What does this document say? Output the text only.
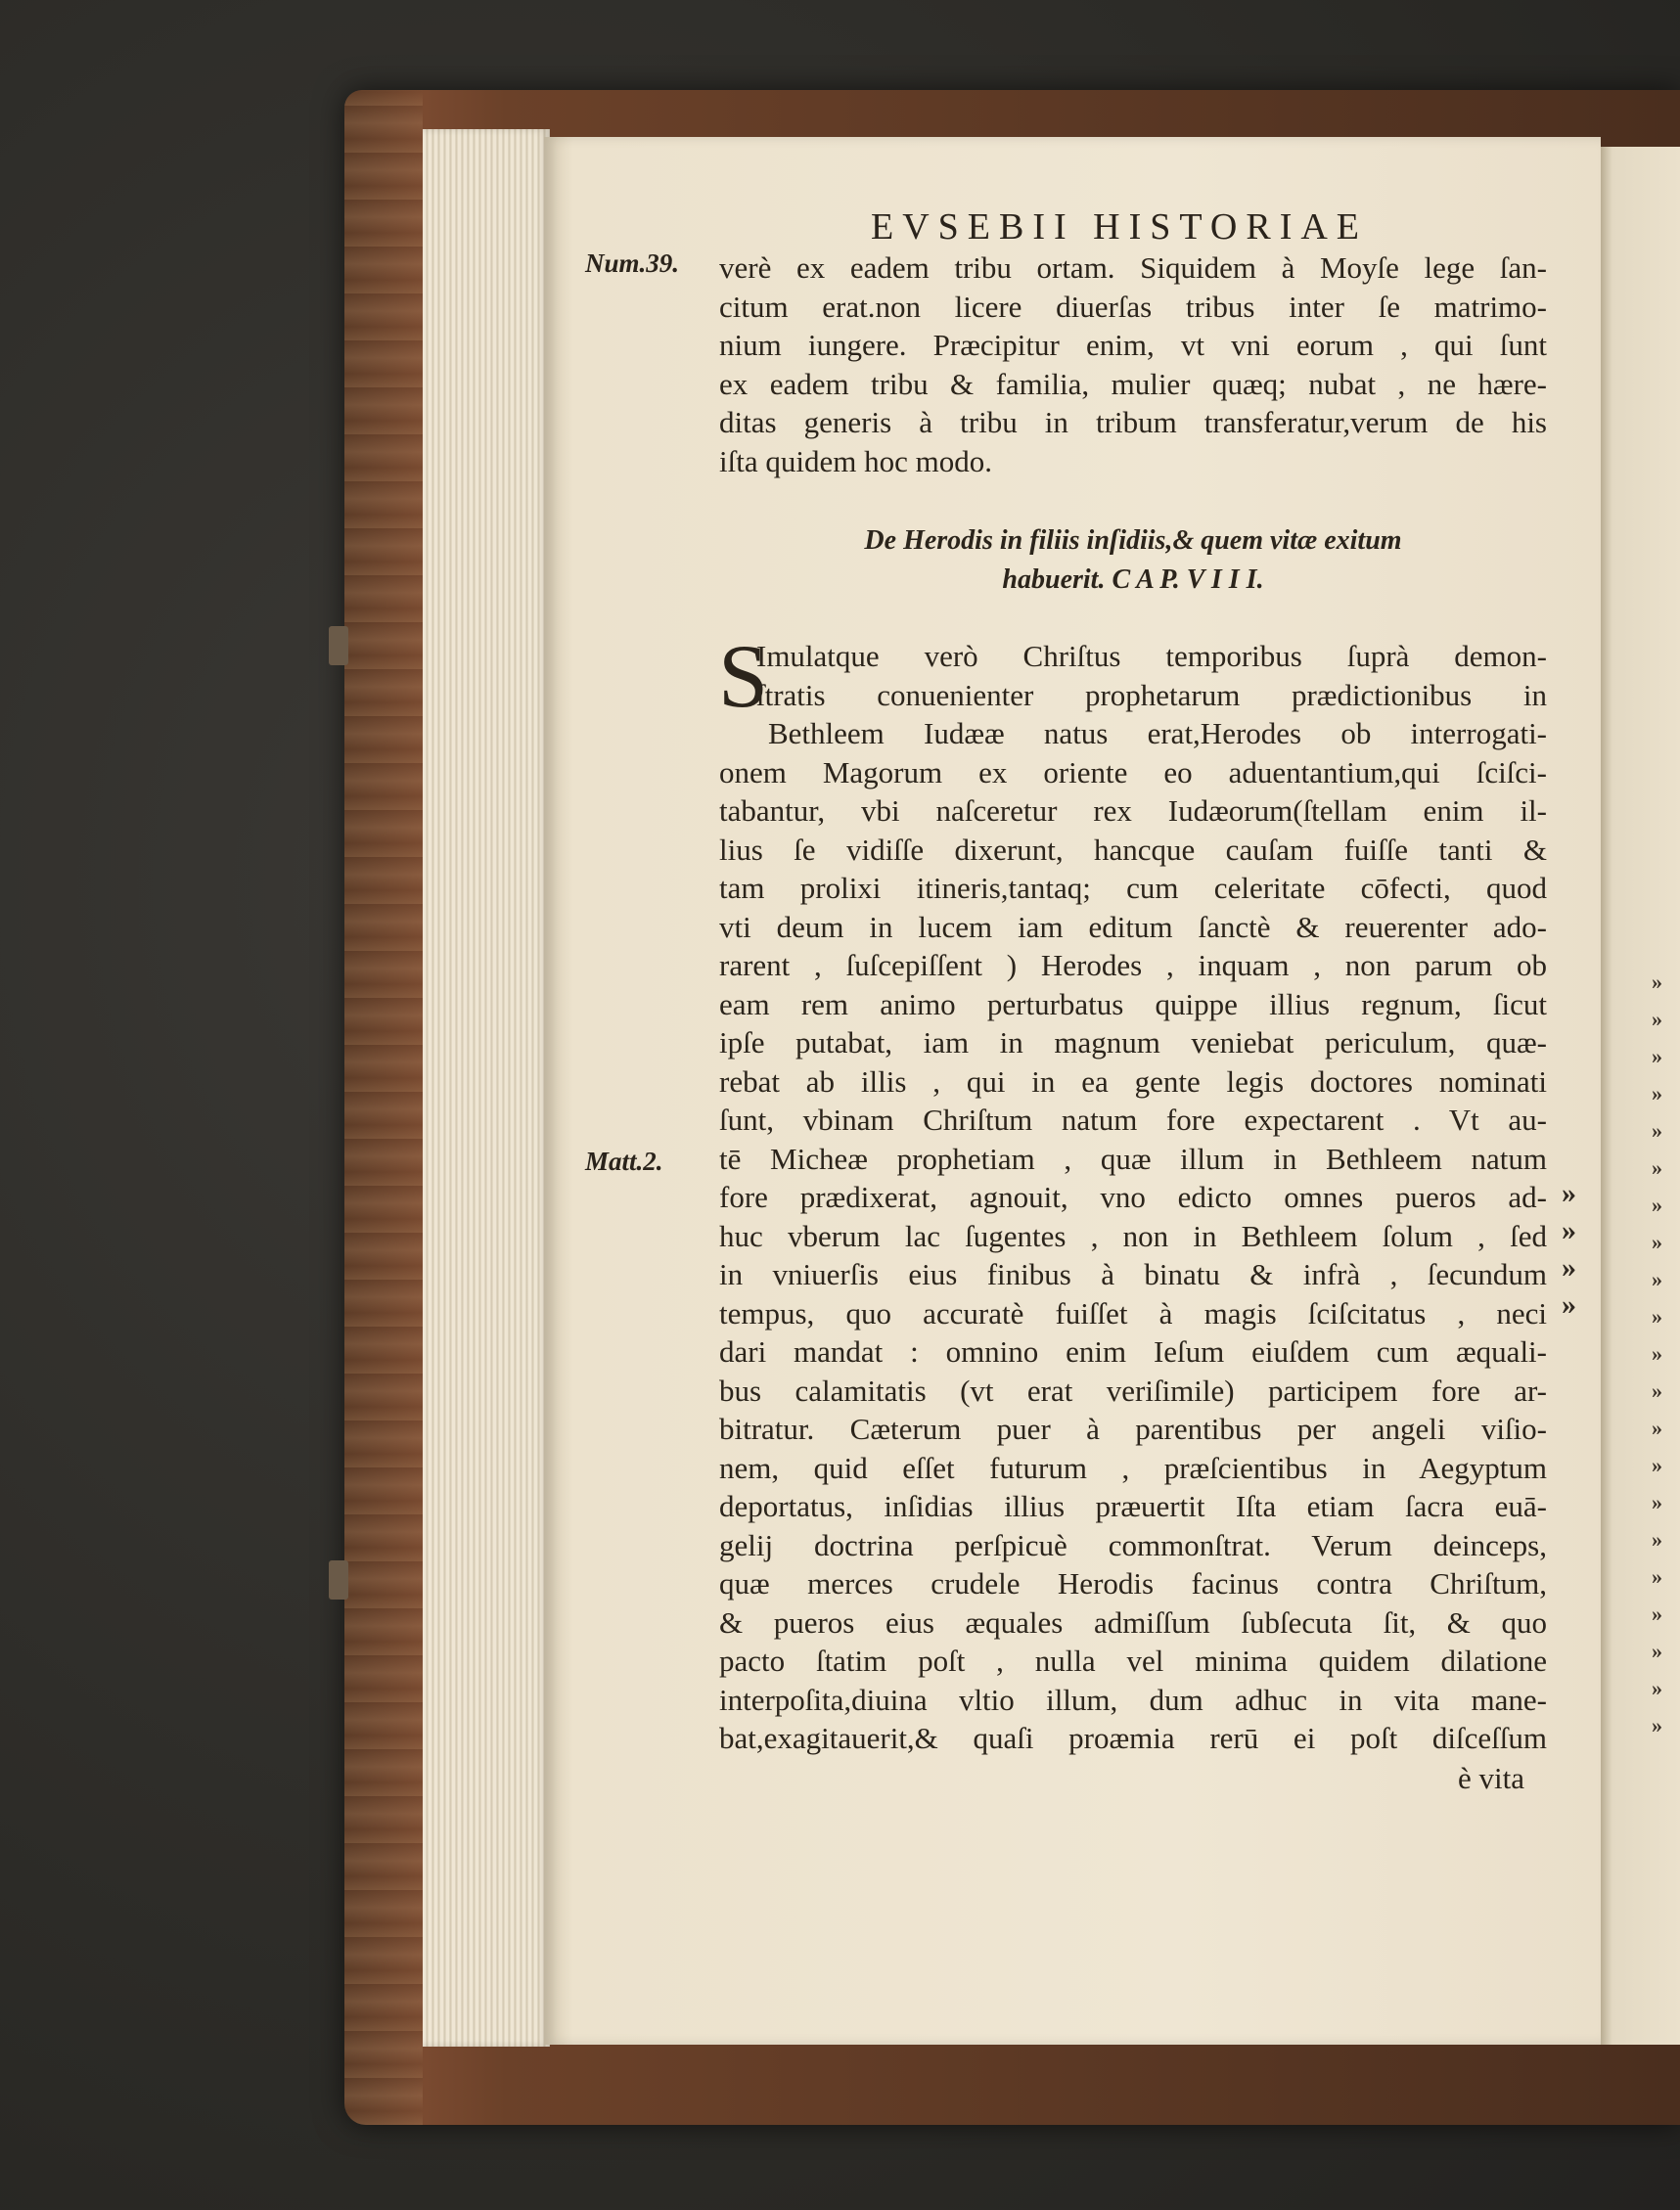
»
»
»
»
»
»
»
»
»
»
»
»
»
»
»
»
»
»
»
»
»
»
»
»
»
EVSEBII HISTORIAE
Num.39.
Matt.2.
verè ex eadem tribu ortam. Siquidem à Moyſe lege ſan-
citum erat.non licere diuerſas tribus inter ſe matrimo-
nium iungere. Præcipitur enim, vt vni eorum , qui ſunt
ex eadem tribu & familia, mulier quæq; nubat , ne hære-
ditas generis à tribu in tribum transferatur,verum de his
iſta quidem hoc modo.
De Herodis in filiis inſidiis,& quem vitæ exitum
habuerit. C A P. V I I I.
S
Imulatque verò Chriſtus temporibus ſuprà demon-
ſtratis conuenienter prophetarum prædictionibus in
Bethleem Iudææ natus erat,Herodes ob interrogati-
onem Magorum ex oriente eo aduentantium,qui ſciſci-
tabantur, vbi naſceretur rex Iudæorum(ſtellam enim il-
lius ſe vidiſſe dixerunt, hancque cauſam fuiſſe tanti &
tam prolixi itineris,tantaq; cum celeritate cōfecti, quod
vti deum in lucem iam editum ſanctè & reuerenter ado-
rarent , ſuſcepiſſent ) Herodes , inquam , non parum ob
eam rem animo perturbatus quippe illius regnum, ſicut
ipſe putabat, iam in magnum veniebat periculum, quæ-
rebat ab illis , qui in ea gente legis doctores nominati
ſunt, vbinam Chriſtum natum fore expectarent . Vt au-
tē Micheæ prophetiam , quæ illum in Bethleem natum
fore prædixerat, agnouit, vno edicto omnes pueros ad-
huc vberum lac ſugentes , non in Bethleem ſolum , ſed
in vniuerſis eius finibus à binatu & infrà , ſecundum
tempus, quo accuratè fuiſſet à magis ſciſcitatus , neci
dari mandat : omnino enim Ieſum eiuſdem cum æquali-
bus calamitatis (vt erat veriſimile) participem fore ar-
bitratur. Cæterum puer à parentibus per angeli viſio-
nem, quid eſſet futurum , præſcientibus in Aegyptum
deportatus, inſidias illius præuertit Iſta etiam ſacra euā-
gelij doctrina perſpicuè commonſtrat. Verum deinceps,
quæ merces crudele Herodis facinus contra Chriſtum,
& pueros eius æquales admiſſum ſubſecuta ſit, & quo
pacto ſtatim poſt , nulla vel minima quidem dilatione
interpoſita,diuina vltio illum, dum adhuc in vita mane-
bat,exagitauerit,& quaſi proæmia rerū ei poſt diſceſſum
è vita
